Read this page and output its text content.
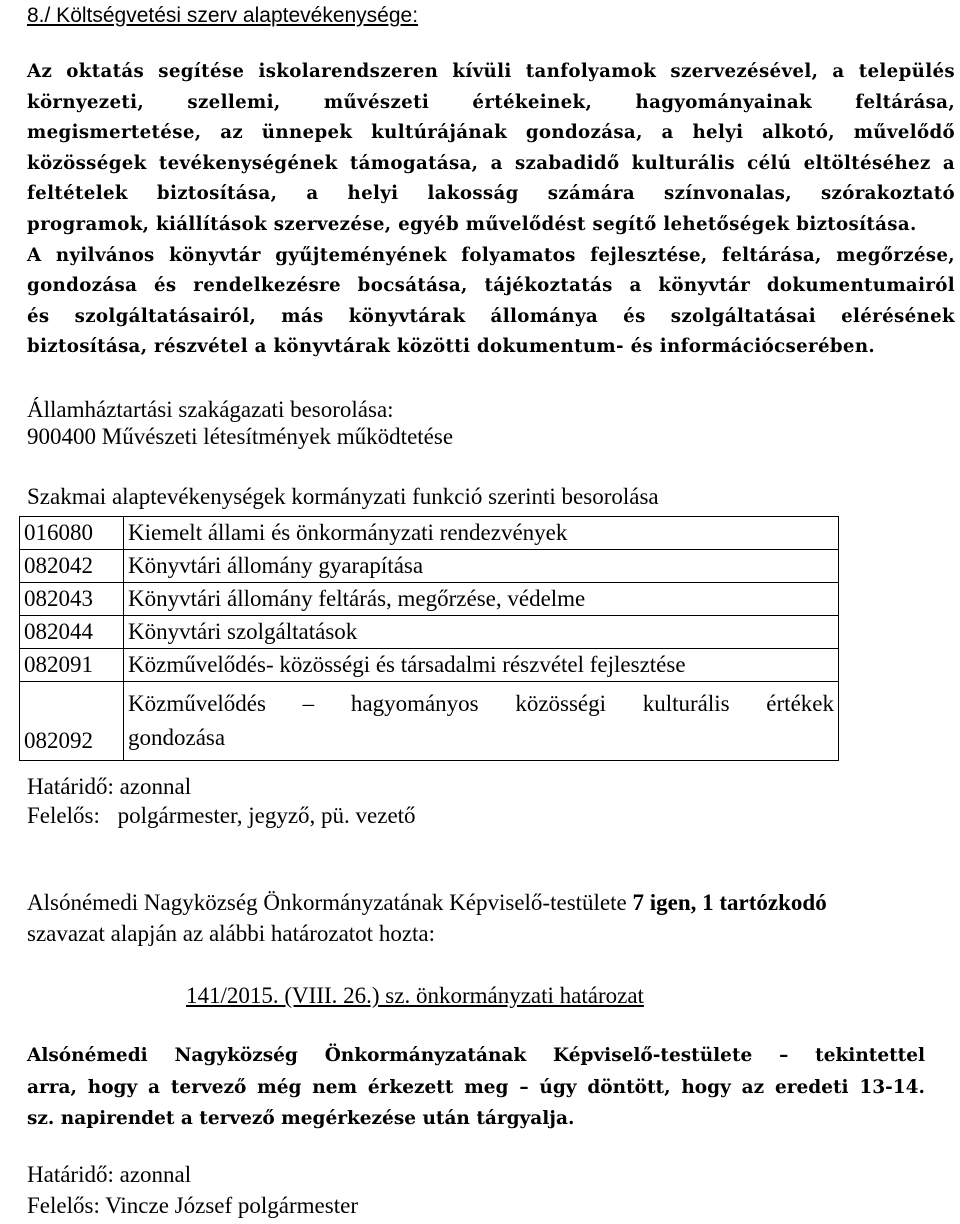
8./ Költségvetési szerv alaptevékenysége:

Az oktatás segítése iskolarendszeren kívüli tanfolyamok szervezésével, a település

környezeti, szellemi, művészeti értékeinek, hagyományainak feltárása,

megismertetése, az ünnepek kultúrájának gondozása, a helyi alkotó, művelődő

közösségek tevékenységének támogatása, a szabadidő kulturális célú eltöltéséhez a

feltételek biztosítása, a helyi lakosság számára színvonalas, szórakoztató

programok, kiállítások szervezése, egyéb művelődést segítő lehetőségek biztosítása.

A nyilvános könyvtár gyűjteményének folyamatos fejlesztése, feltárása, megőrzése,

gondozása és rendelkezésre bocsátása, tájékoztatás a könyvtár dokumentumairól

és szolgáltatásairól, más könyvtárak állománya és szolgáltatásai elérésének

biztosítása, részvétel a könyvtárak közötti dokumentum- és információcserében.

Államháztartási szakágazati besorolása:
900400 Művészeti létesítmények működtetése
Szakmai alaptevékenységek kormányzati funkció szerinti besorolása
016080	Kiemelt állami és önkormányzati rendezvények
082042	Könyvtári állomány gyarapítása
082043	Könyvtári állomány feltárás, megőrzése, védelme
082044	Könyvtári szolgáltatások
082091	Közművelődés- közösségi és társadalmi részvétel fejlesztése
082092	Közművelődés – hagyományos közösségi kulturális értékek
gondozása
Határidő: azonnal
Felelős: polgármester, jegyző, pü. vezető
Alsónémedi Nagyközség Önkormányzatának Képviselő-testülete 7 igen, 1 tartózkodó
szavazat alapján az alábbi határozatot hozta:
141/2015. (VIII. 26.) sz. önkormányzati határozat

Alsónémedi Nagyközség Önkormányzatának Képviselő-testülete – tekintettel

arra, hogy a tervező még nem érkezett meg – úgy döntött, hogy az eredeti 13-14.

sz. napirendet a tervező megérkezése után tárgyalja.

Határidő: azonnal
Felelős: Vincze József polgármester
